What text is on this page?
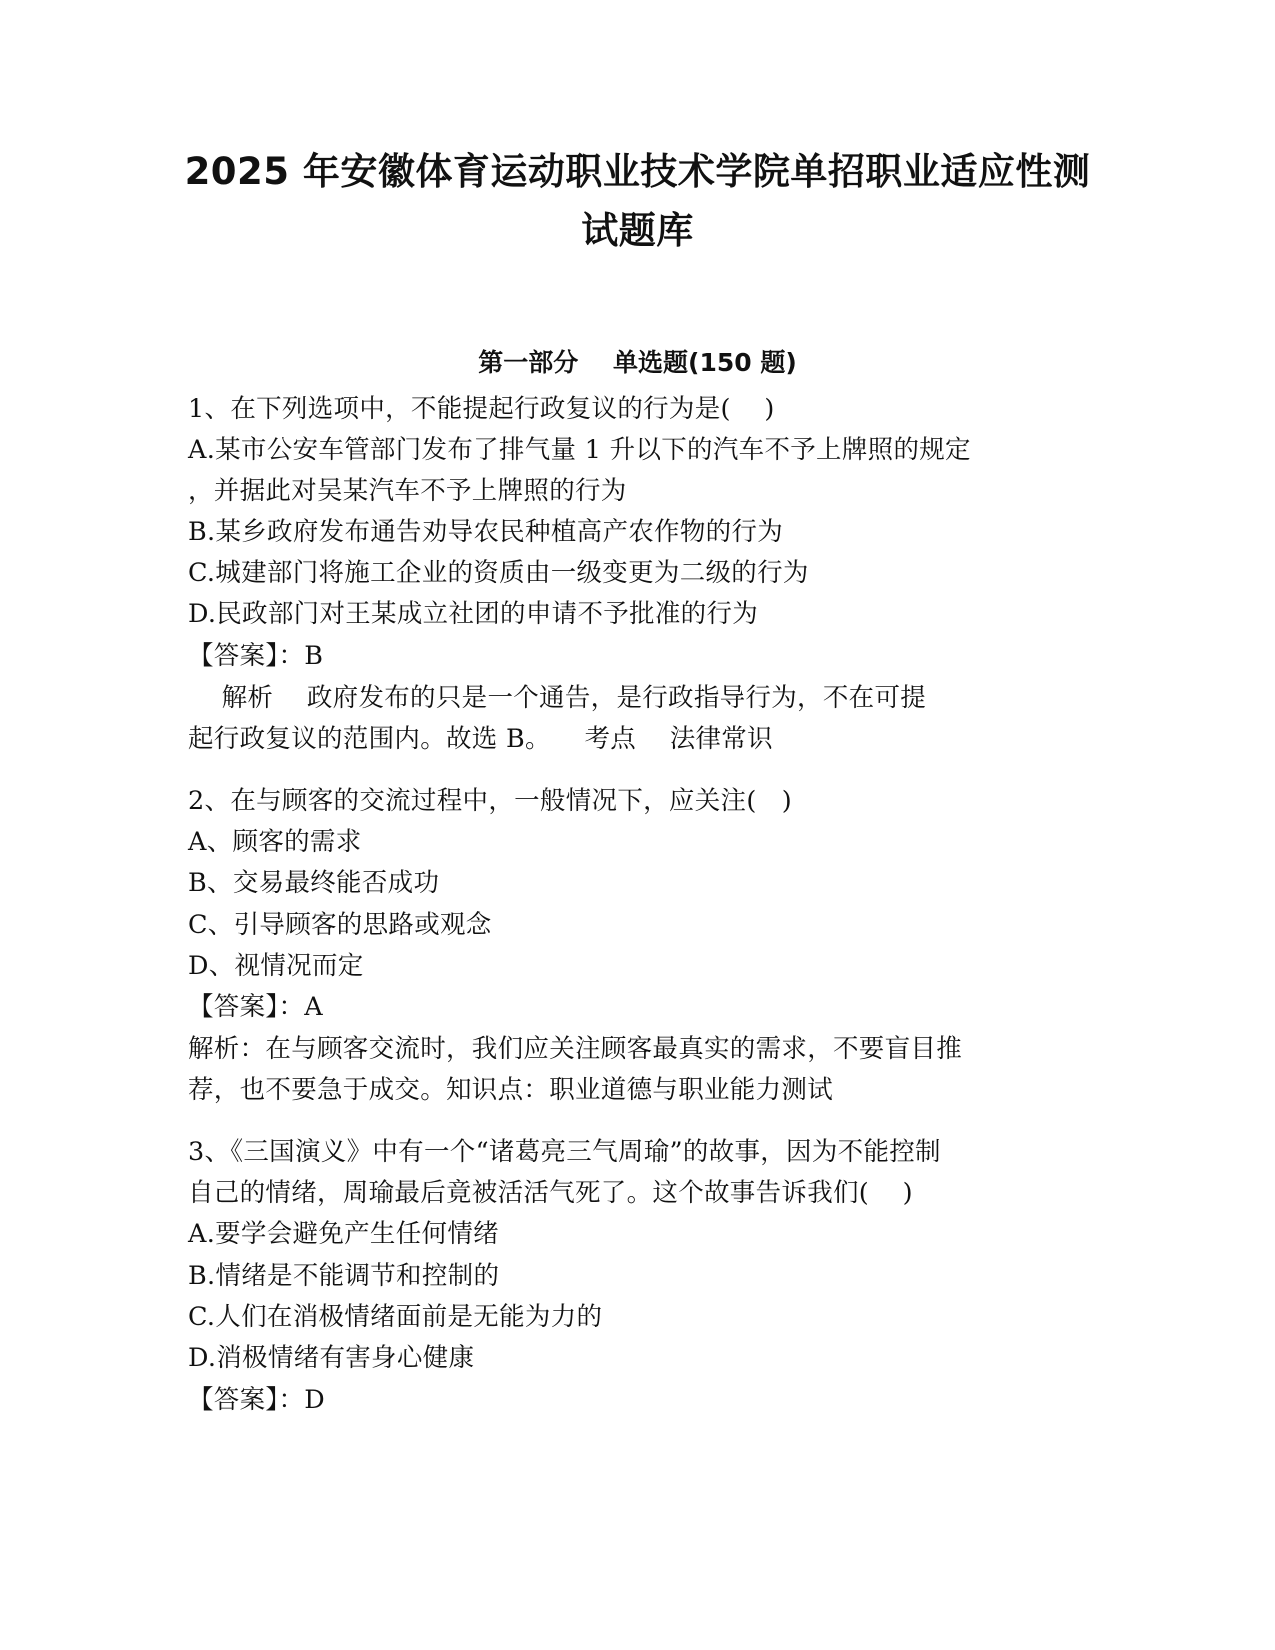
2025 年安徽体育运动职业技术学院单招职业适应性测
试题库
第一部分    单选题(150 题)
1、在下列选项中，不能提起行政复议的行为是(    )
A.某市公安车管部门发布了排气量 1 升以下的汽车不予上牌照的规定
，并据此对吴某汽车不予上牌照的行为
B.某乡政府发布通告劝导农民种植高产农作物的行为
C.城建部门将施工企业的资质由一级变更为二级的行为
D.民政部门对王某成立社团的申请不予批准的行为
【答案】：B
解析    政府发布的只是一个通告，是行政指导行为，不在可提
起行政复议的范围内。故选 B。    考点    法律常识
2、在与顾客的交流过程中，一般情况下，应关注(   )
A、顾客的需求
B、交易最终能否成功
C、引导顾客的思路或观念
D、视情况而定
【答案】：A
解析：在与顾客交流时，我们应关注顾客最真实的需求，不要盲目推
荐，也不要急于成交。知识点：职业道德与职业能力测试
3、《三国演义》中有一个“诸葛亮三气周瑜”的故事，因为不能控制
自己的情绪，周瑜最后竟被活活气死了。这个故事告诉我们(    )
A.要学会避免产生任何情绪
B.情绪是不能调节和控制的
C.人们在消极情绪面前是无能为力的
D.消极情绪有害身心健康
【答案】：D
